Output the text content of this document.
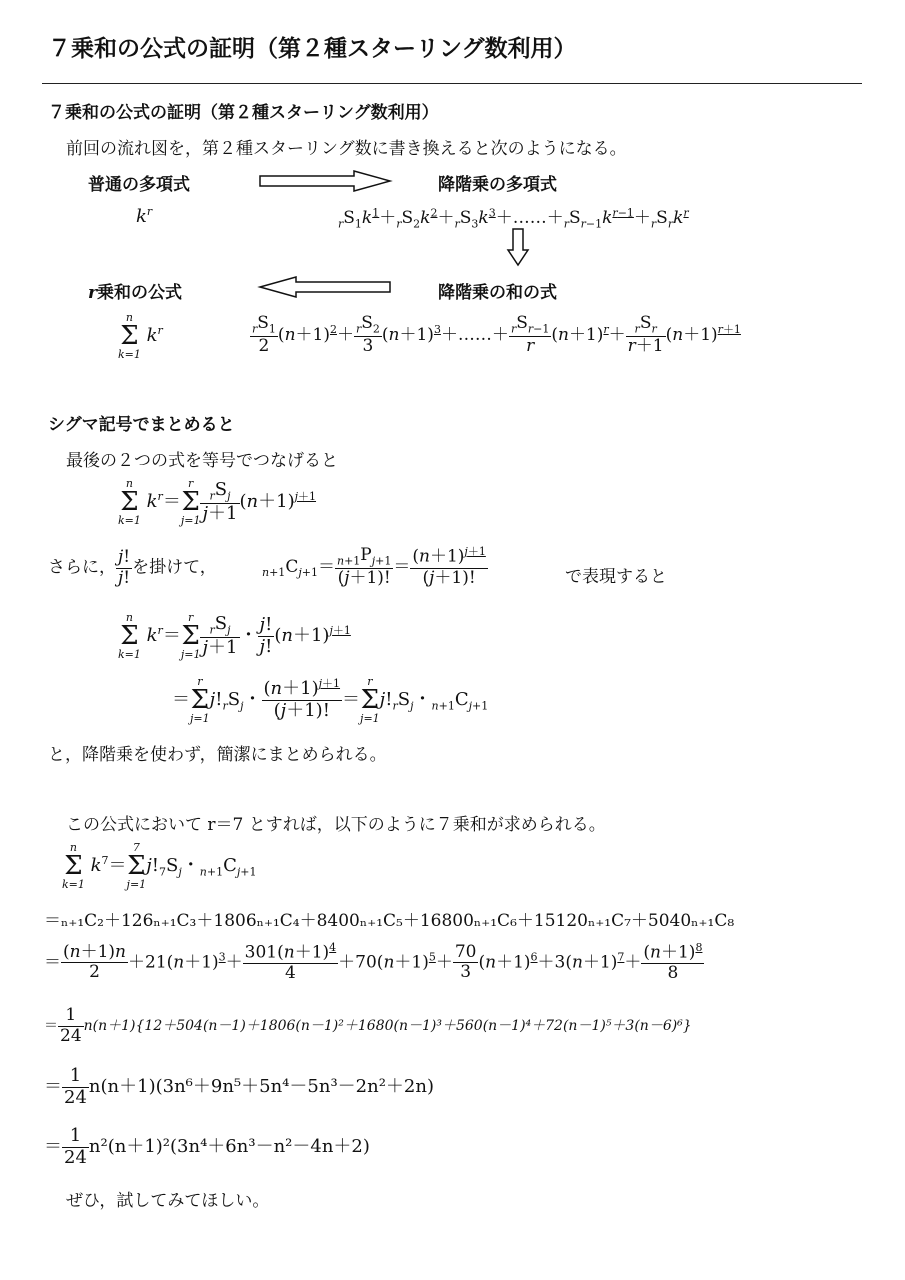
７乗和の公式の証明（第２種スターリング数利用）
７乗和の公式の証明（第２種スターリング数利用）
前回の流れ図を，第２種スターリング数に書き換えると次のようになる。
普通の多項式	降階乗の多項式
$k^r$
$_rS_1k^1+_rS_2k^2+_rS_3k^3+\dots\dots+_rS_{r-1}k^{r-1}+_rS_rk^r$
r乗和の公式	降階乗の和の式
n
Σ
k=1
$k^r$	$\frac{_rS_1}{2} (n+1)^2+ \frac{_rS_2}{3}$ $(n+1)^3+\dots\dots+ \frac{_rS_{r-1}}{r} (n+1)^r+ \frac{_rS_r}{r+1} (n+1)^{r+1}$
シグマ記号でまとめると
最後の２つの式を等号でつなげると
n
Σ
k=1
$k^r=$
r
Σ
$j=1 \frac{_rS_j}{j+1} (n+1)^{j+1}$
さらに， $\frac{j!}{j!}$ を掛けて，	$_{n+1}C_{j+1}= \frac{_{n+1}P_{j+1}}{(j+1)!} = \frac{(n+1)^{j+1}}{(j+1)!}$	で表現すると
n
Σ
k=1
$k^r=$
r
Σ
$j=1 \frac{_rS_j}{j+1}$ ・ $\frac{j!}{j!} (n+1)^{j+1}$
＝
r
Σ
j=1
$j!_rS_j$・ $\frac{(n+1)^{j+1}}{(j+1)!}$ ＝
r
Σ
j=1
$j!_rS_j$・$_{n+1}C_{j+1}$
と，降階乗を使わず，簡潔にまとめられる。
この公式において r＝7 とすれば，以下のように７乗和が求められる。
n
Σ
k=1
$k^7=$
7
Σ
j=1
$j!_7S_j$・$_{n+1}C_{j+1}$
＝ₙ₊₁C₂＋126ₙ₊₁C₃＋1806ₙ₊₁C₄＋8400ₙ₊₁C₅＋16800ₙ₊₁C₆＋15120ₙ₊₁C₇＋5040ₙ₊₁C₈
＝ $\frac{(n+1)n}{2} +21(n+1)^3+ \frac{301(n+1)^4}{4} +70(n+1)^5+ \frac{70}{3} (n+1)^6+3(n+1)^7+ \frac{(n+1)^8}{8}$
＝ $\frac{1}{24} n(n+1)\{12+504(n-1)+1806(n-1)^2+1680(n-1)^3+560(n-1)^4+72(n-1)^5+3(n-6)^6\}$
＝ $\frac{1}{24} n(n+1)(3n^6+9n^5+5n^4-5n^3-2n^2+2n)$
＝ $\frac{1}{24} n^2(n+1)^2(3n^4+6n^3-n^2-4n+2)$
ぜひ，試してみてほしい。
